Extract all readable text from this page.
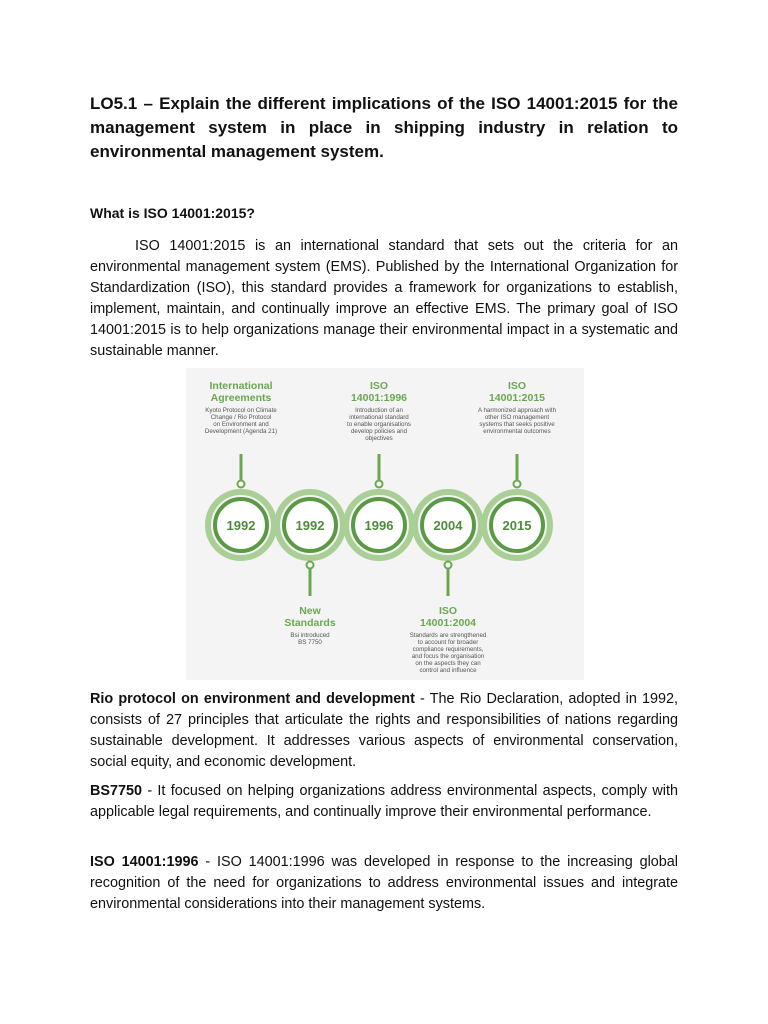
LO5.1 – Explain the different implications of the ISO 14001:2015 for the management system in place in shipping industry in relation to environmental management system.

What is ISO 14001:2015?

ISO 14001:2015 is an international standard that sets out the criteria for an environmental management system (EMS). Published by the International Organization for Standardization (ISO), this standard provides a framework for organizations to establish, implement, maintain, and continually improve an effective EMS. The primary goal of ISO 14001:2015 is to help organizations manage their environmental impact in a systematic and sustainable manner.

1992	1992	1996	2004	2015
International
Agreements
Kyoto Protocol on Climate
Change / Rio Protocol
on Environment and
Development (Agenda 21)
ISO
14001:1996
Introduction of an
international standard
to enable organisations
develop policies and
objectives
ISO
14001:2015
A harmonized approach with
other ISO management
systems that seeks positive
environmental outcomes
New
Standards
Bsi introduced
BS 7750
ISO
14001:2004
Standards are strengthened
to account for broader
compliance requirements,
and focus the organisation
on the aspects they can
control and influence

Rio protocol on environment and development - The Rio Declaration, adopted in 1992, consists of 27 principles that articulate the rights and responsibilities of nations regarding sustainable development. It addresses various aspects of environmental conservation, social equity, and economic development.

BS7750 - It focused on helping organizations address environmental aspects, comply with applicable legal requirements, and continually improve their environmental performance.

ISO 14001:1996 - ISO 14001:1996 was developed in response to the increasing global recognition of the need for organizations to address environmental issues and integrate environmental considerations into their management systems.
